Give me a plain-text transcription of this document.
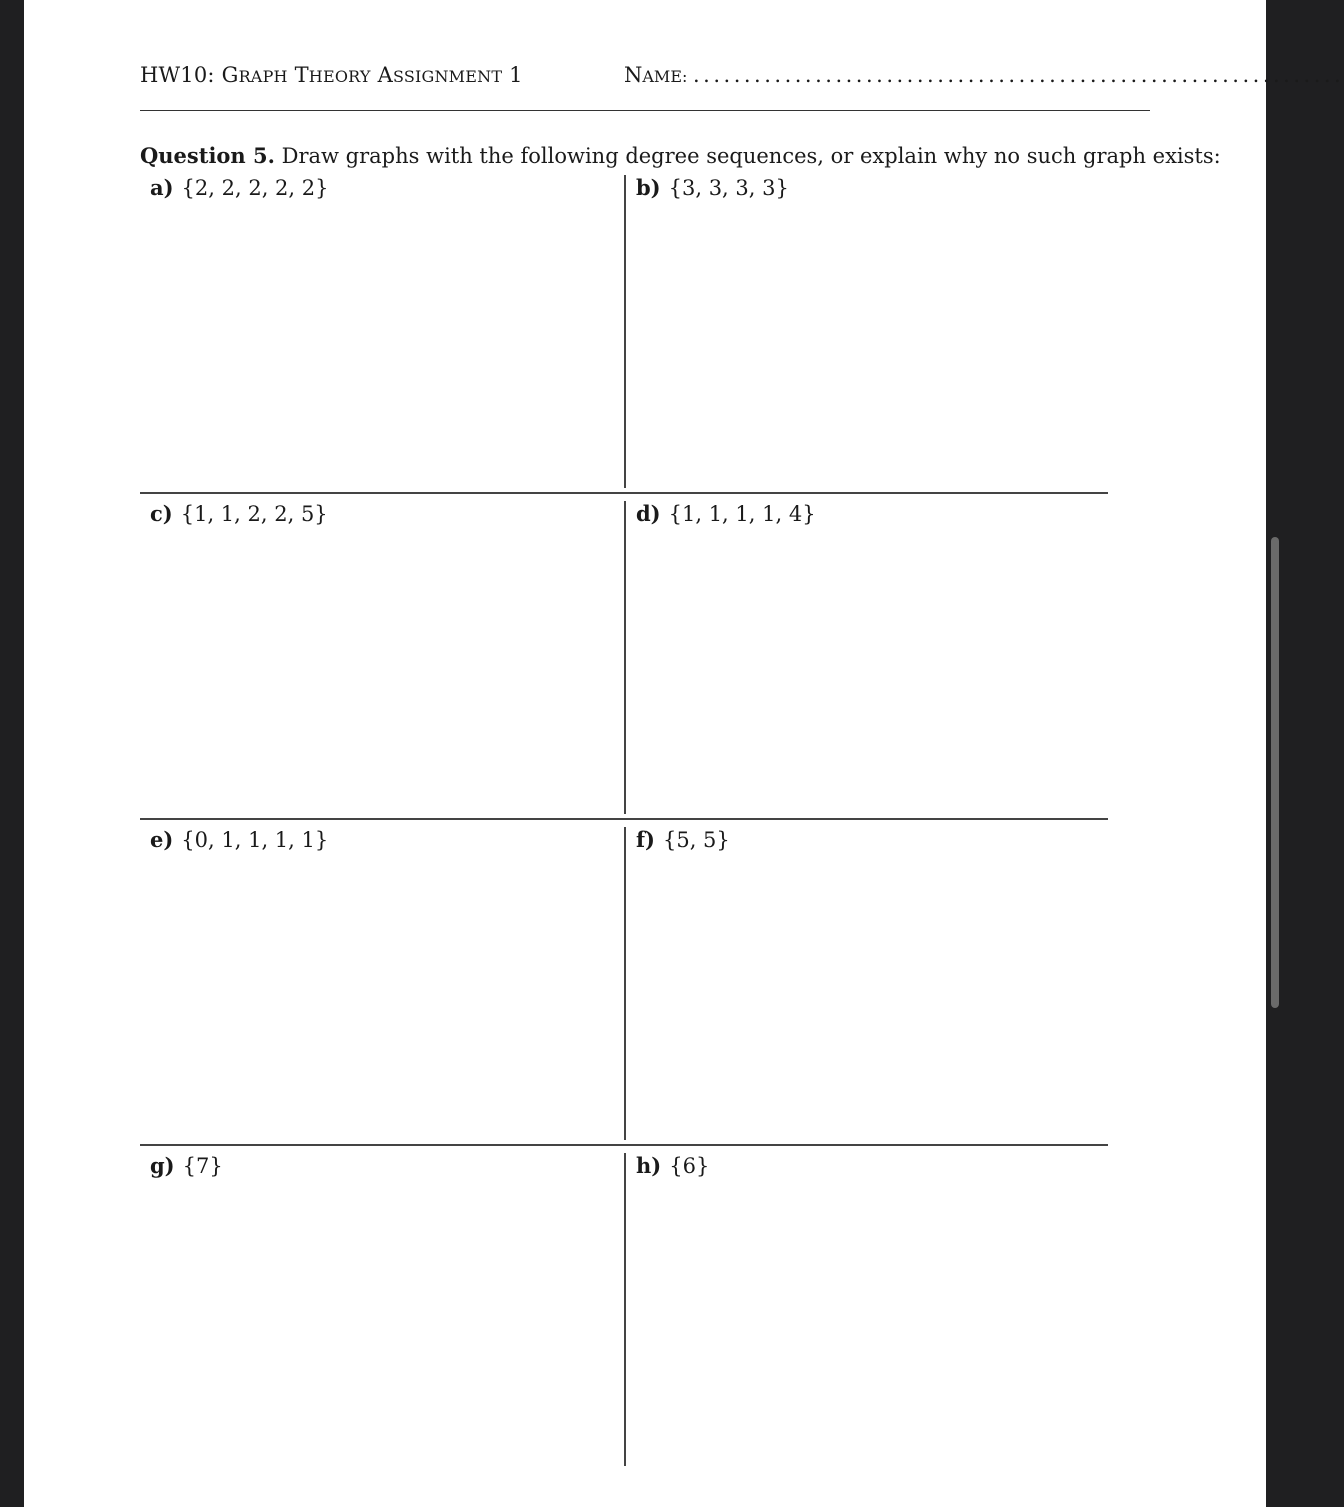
HW10: GRAPH THEORY ASSIGNMENT 1	NAME: ................................................................
Question 5. Draw graphs with the following degree sequences, or explain why no such graph exists:
a) {2, 2, 2, 2, 2}	b) {3, 3, 3, 3}
c) {1, 1, 2, 2, 5}	d) {1, 1, 1, 1, 4}
e) {0, 1, 1, 1, 1}	f) {5, 5}
g) {7}	h) {6}
